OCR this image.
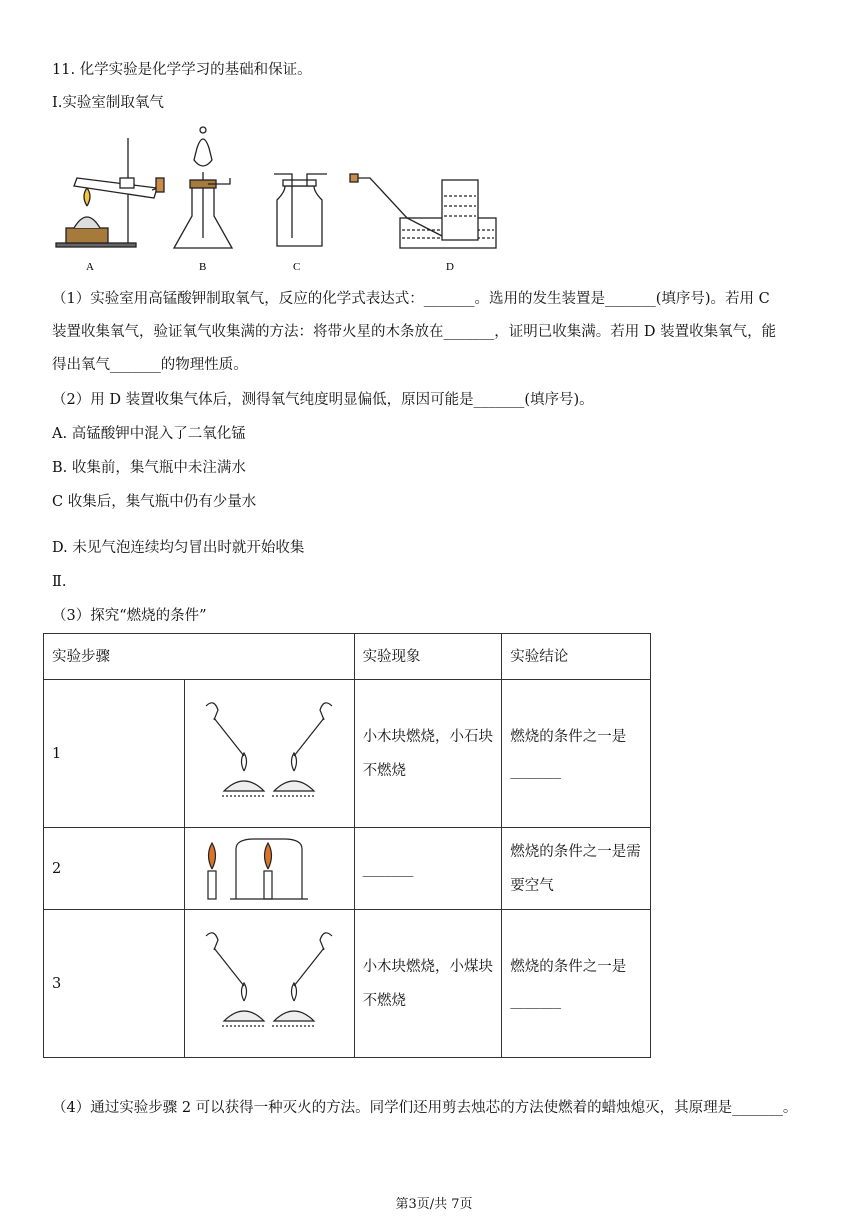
11. 化学实验是化学学习的基础和保证。
I.实验室制取氧气
A	B	C	D
（1）实验室用高锰酸钾制取氧气，反应的化学式表达式：_______。选用的发生装置是_______(填序号)。若用 C
装置收集氧气，验证氧气收集满的方法：将带火星的木条放在_______，证明已收集满。若用 D 装置收集氧气，能
得出氧气_______的物理性质。
（2）用 D 装置收集气体后，测得氧气纯度明显偏低，原因可能是_______(填序号)。
A. 高锰酸钾中混入了二氧化锰
B. 收集前，集气瓶中未注满水
C 收集后，集气瓶中仍有少量水
D. 未见气泡连续均匀冒出时就开始收集
Ⅱ.
（3）探究“燃烧的条件”
实验步骤		实验现象	实验结论
1		小木块燃烧，小石块不燃烧	燃烧的条件之一是_______
2		_______	燃烧的条件之一是需要空气
3		小木块燃烧，小煤块不燃烧	燃烧的条件之一是_______
（4）通过实验步骤 2 可以获得一种灭火的方法。同学们还用剪去烛芯的方法使燃着的蜡烛熄灭，其原理是_______。
第3页/共 7页
